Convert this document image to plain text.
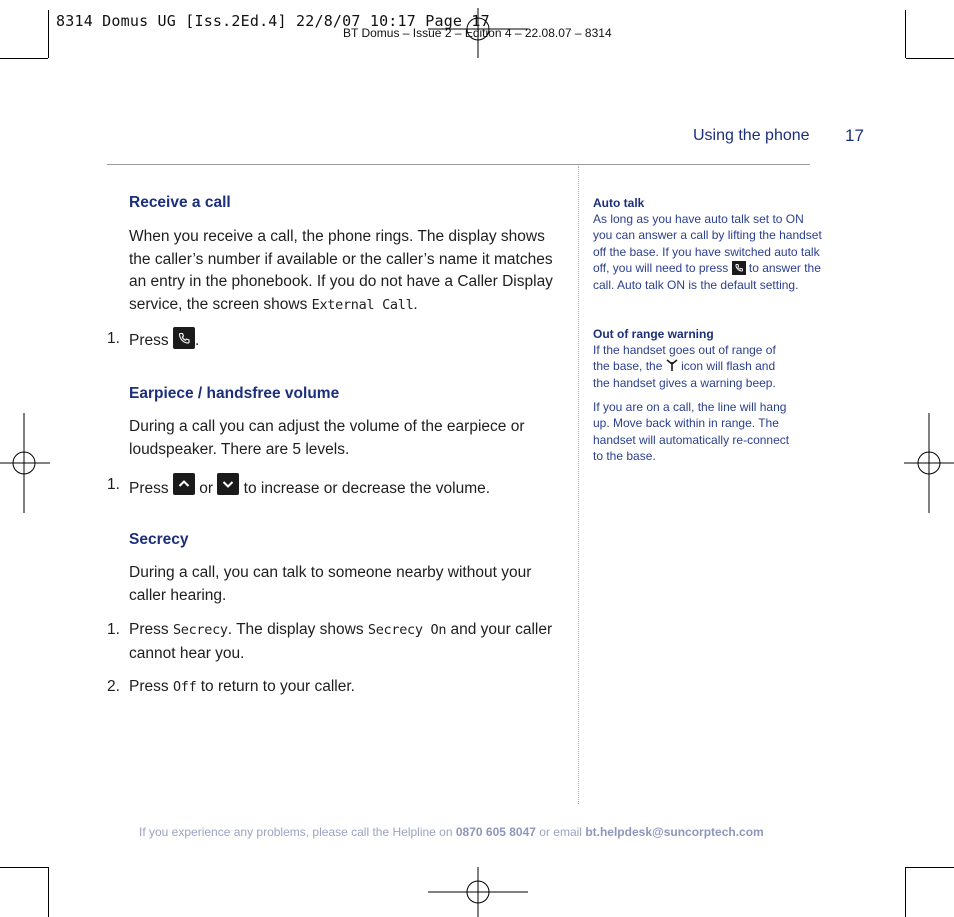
8314 Domus UG [Iss.2Ed.4] 22/8/07 10:17 Page 17
BT Domus – Issue 2 – Edition 4 – 22.08.07 – 8314
Using the phone 17
Receive a call

When you receive a call, the phone rings. The display shows the caller’s number if available or the caller’s name it matches an entry in the phonebook. If you do not have a Caller Display service, the screen shows External Call.

1. Press
.
Earpiece / handsfree volume

During a call you can adjust the volume of the earpiece or loudspeaker. There are 5 levels.

1. Press
or
to increase or decrease the volume.
Secrecy

During a call, you can talk to someone nearby without your caller hearing.

1. Press Secrecy. The display shows Secrecy On and your caller cannot hear you.
2. Press Off to return to your caller.
Auto talk

As long as you have auto talk set to ON you can answer a call by lifting the handset off the base. If you have switched auto talk off, you will need to press  to answer the call. Auto talk ON is the default setting.

Out of range warning

If the handset goes out of range of the base, the  icon will flash and the handset gives a warning beep.

If you are on a call, the line will hang up. Move back within in range. The handset will automatically re-connect to the base.

If you experience any problems, please call the Helpline on 0870 605 8047 or email bt.helpdesk@suncorptech.com
